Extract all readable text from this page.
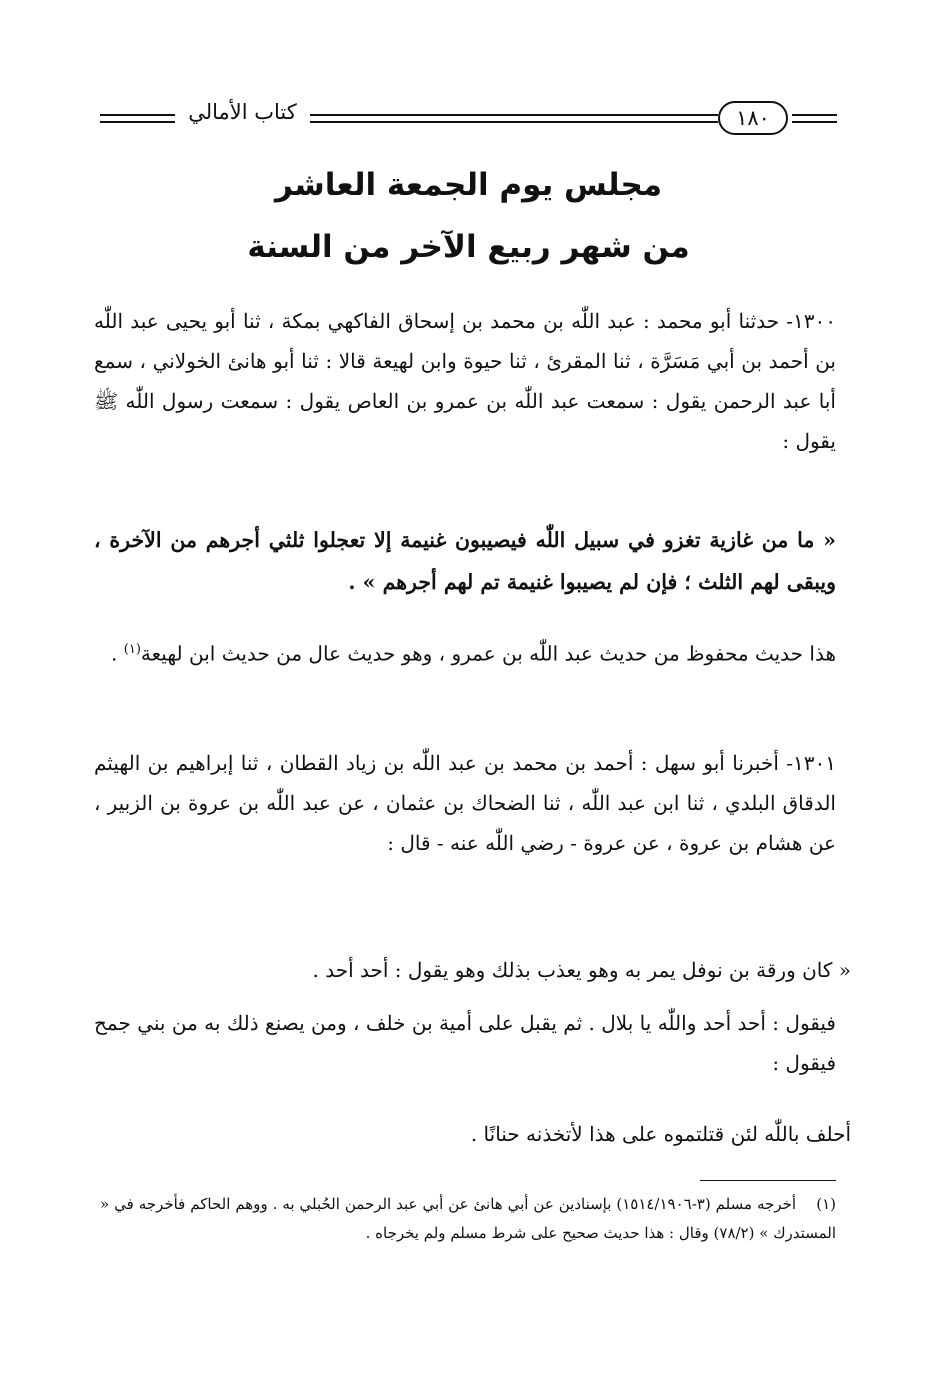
كتاب الأمالي	١٨٠
مجلس يوم الجمعة العاشر
من شهر ربيع الآخر من السنة
١٣٠٠- حدثنا أبو محمد : عبد اللّٰه بن محمد بن إسحاق الفاكهي بمكة ، ثنا أبو يحيى عبد اللّٰه بن أحمد بن أبي مَسَرَّة ، ثنا المقرئ ، ثنا حيوة وابن لهيعة قالا : ثنا أبو هانئ الخولاني ، سمع أبا عبد الرحمن يقول : سمعت عبد اللّٰه بن عمرو بن العاص يقول : سمعت رسول اللّٰه ﷺ يقول :
« ما من غازية تغزو في سبيل اللّٰه فيصيبون غنيمة إلا تعجلوا ثلثي أجرهم من الآخرة ، ويبقى لهم الثلث ؛ فإن لم يصيبوا غنيمة تم لهم أجرهم » .
هذا حديث محفوظ من حديث عبد اللّٰه بن عمرو ، وهو حديث عال من حديث ابن لهيعة$^{(١)}$ .
١٣٠١- أخبرنا أبو سهل : أحمد بن محمد بن عبد اللّٰه بن زياد القطان ، ثنا إبراهيم بن الهيثم الدقاق البلدي ، ثنا ابن عبد اللّٰه ، ثنا الضحاك بن عثمان ، عن عبد اللّٰه بن عروة بن الزبير ، عن هشام بن عروة ، عن عروة - رضي اللّٰه عنه - قال :
« كان ورقة بن نوفل يمر به وهو يعذب بذلك وهو يقول : أحد أحد .
فيقول : أحد أحد واللّٰه يا بلال . ثم يقبل على أمية بن خلف ، ومن يصنع ذلك به من بني جمح فيقول :
أحلف باللّٰه لئن قتلتموه على هذا لأتخذنه حنانًا .
(١)أخرجه مسلم (٣-١٥١٤/١٩٠٦) بإسنادين عن أبي هانئ عن أبي عبد الرحمن الحُبلي به . ووهم الحاكم فأخرجه في « المستدرك » (٧٨/٢) وقال : هذا حديث صحيح على شرط مسلم ولم يخرجاه .
